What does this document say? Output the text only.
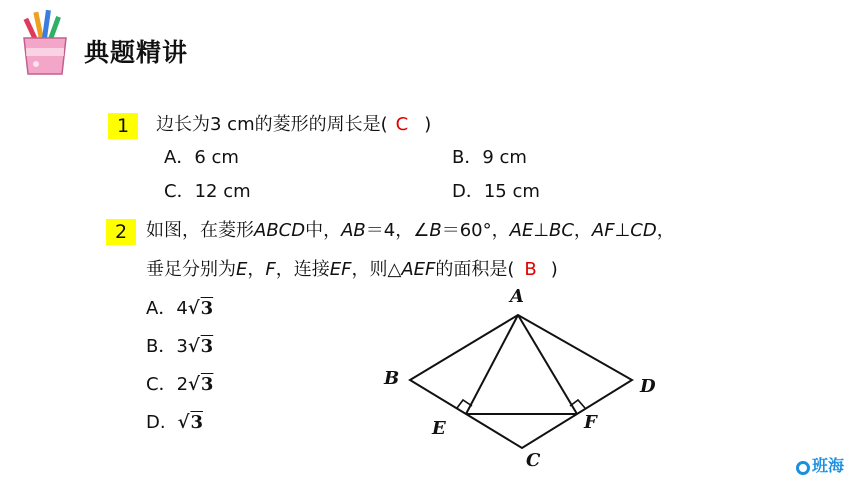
典题精讲
1	边长为3 cm的菱形的周长是( C )
A．6 cm	B．9 cm
C．12 cm	D．15 cm
2	如图，在菱形ABCD中，AB＝4，∠B＝60°，AE⊥BC，AF⊥CD，
垂足分别为E，F，连接EF，则△AEF的面积是( B )
A．4√3
B．3√3
C．2√3
D. √3
A
B
C
D
E	F
班海
